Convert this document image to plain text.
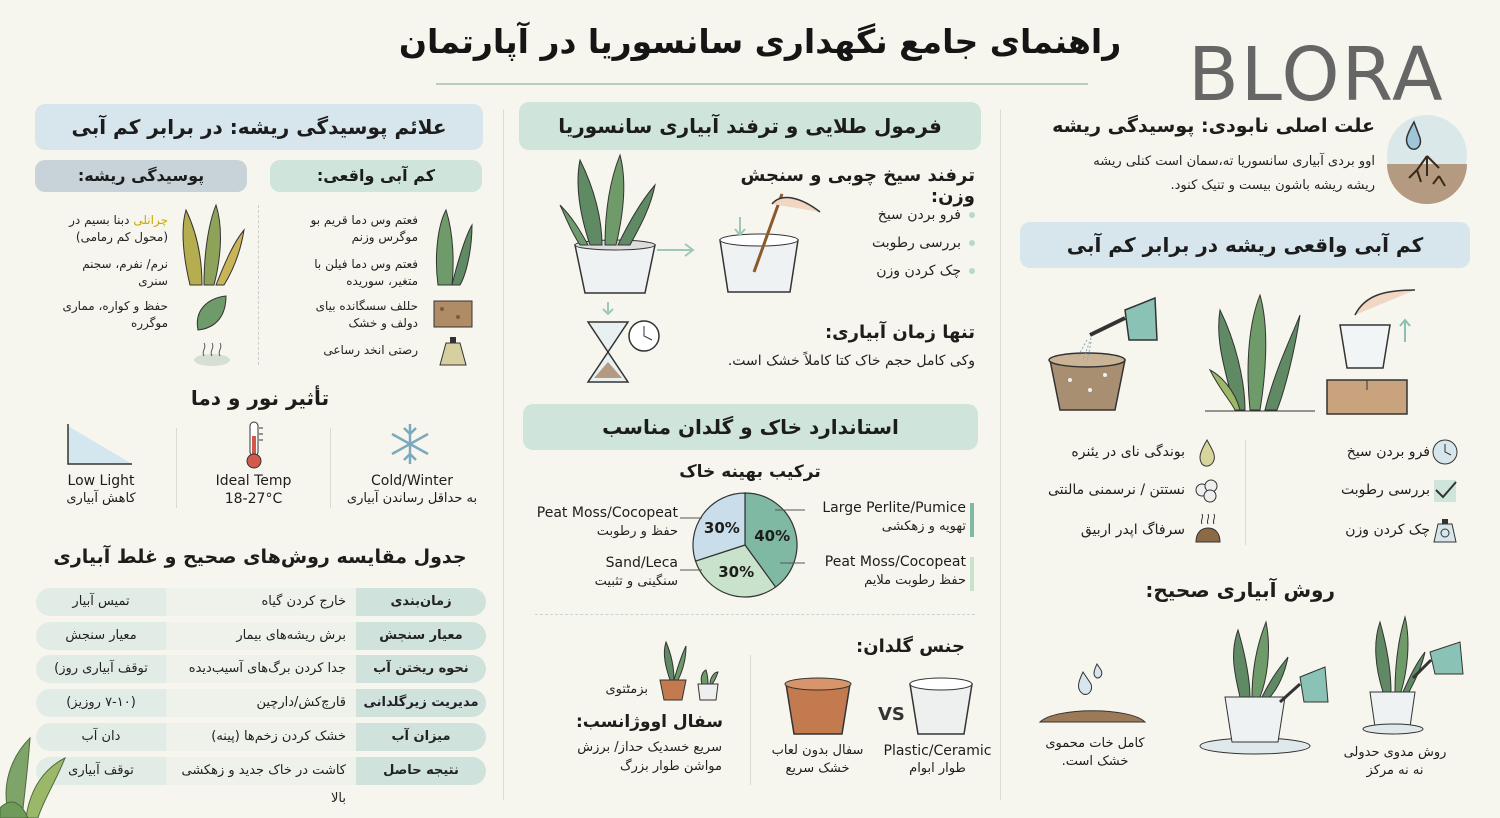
راهنمای جامع نگهداری سانسوریا در آپارتمان BLORA
علت اصلی نابودی: پوسیدگی ریشه
اوو بردی آبیاری سانسوریا تە،سمان است کنلی ریشه
ریشه ریشه باشون بیست و تنیک کنود.
کم آبی واقعی ریشه در برابر کم آبی
فرو بردن سیخ
بررسی رطوبت
چک کردن وزن
بوندگی نای در یئنره
نستتن / نرسمنی مالنتی
سرفاگ اپدر اربیق
روش آبیاری صحیح:
روش مدوی حدولی
نه نه مرکز
کامل خات محموی
خشک است.
فرمول طلایی و ترفند آبیاری سانسوریا
ترفند سیخ چوبی و سنجش وزن:
فرو بردن سیخ
بررسی رطوبت
چک کردن وزن
تنها زمان آبیاری:
وکی کامل حجم خاک کتا کاملاً خشک است.
استاندارد خاک و گلدان مناسب
ترکیب بهینه خاک
40%
30%
30%
Large Perlite/Pumice
تهویه و زهکشی
Peat Moss/Cocopeat
حفظ رطوبت ملایم
Peat Moss/Cocopeat
حفظ و رطوبت
Sand/Leca
سنگینی و تثبیت
جنس گلدان:
VS
Plastic/Ceramic
طوار ابوام
سفال بدون لعاب
خشک سریع
بزمٹتوی
سفال اوو‌ژانسب:
سریع خسدیک حداز/ برزش
مواشن طوار بزرگ
علائم پوسیدگی ریشه: در برابر کم آبی
کم آبی واقعی:
پوسیدگی ریشه:
فعتم وس دما قریم بو
موگرس وزنم
فعتم وس دما فیلن با
متغیر، سوریده
حللف سسگانده بیای
دولف و خشک
رصتی انخد رساعی
چرانلی دبنا بسیم در
(محول کم رمامی)
نرم/ نفرم، سجنم
سنری
حفظ و کواره، مماری
موگرره
تأثیر نور و دما
Cold/Winter
به حداقل رساندن آبیاری
Ideal Temp
18-27°C
Low Light
کاهش آبیاری
جدول مقایسه روش‌های صحیح و غلط آبیاری
زمان‌بندی
خارج کردن گیاه
تمیس آبیار
معیار سنجش
برش ریشه‌های بیمار
معیار سنجش
نحوه ریختن آب
جدا کردن برگ‌های آسیب‌دیده
توقف آبیاری روز)
مدیریت زیرگلدانی
قارچ‌کش/دارچین
(۷-۱۰ روزیز)
میزان آب
خشک کردن زخم‌ها (پینه)
دان آب
نتیجه حاصل
کاشت در خاک جدید و زهکشی بالا
توقف آبیاری
